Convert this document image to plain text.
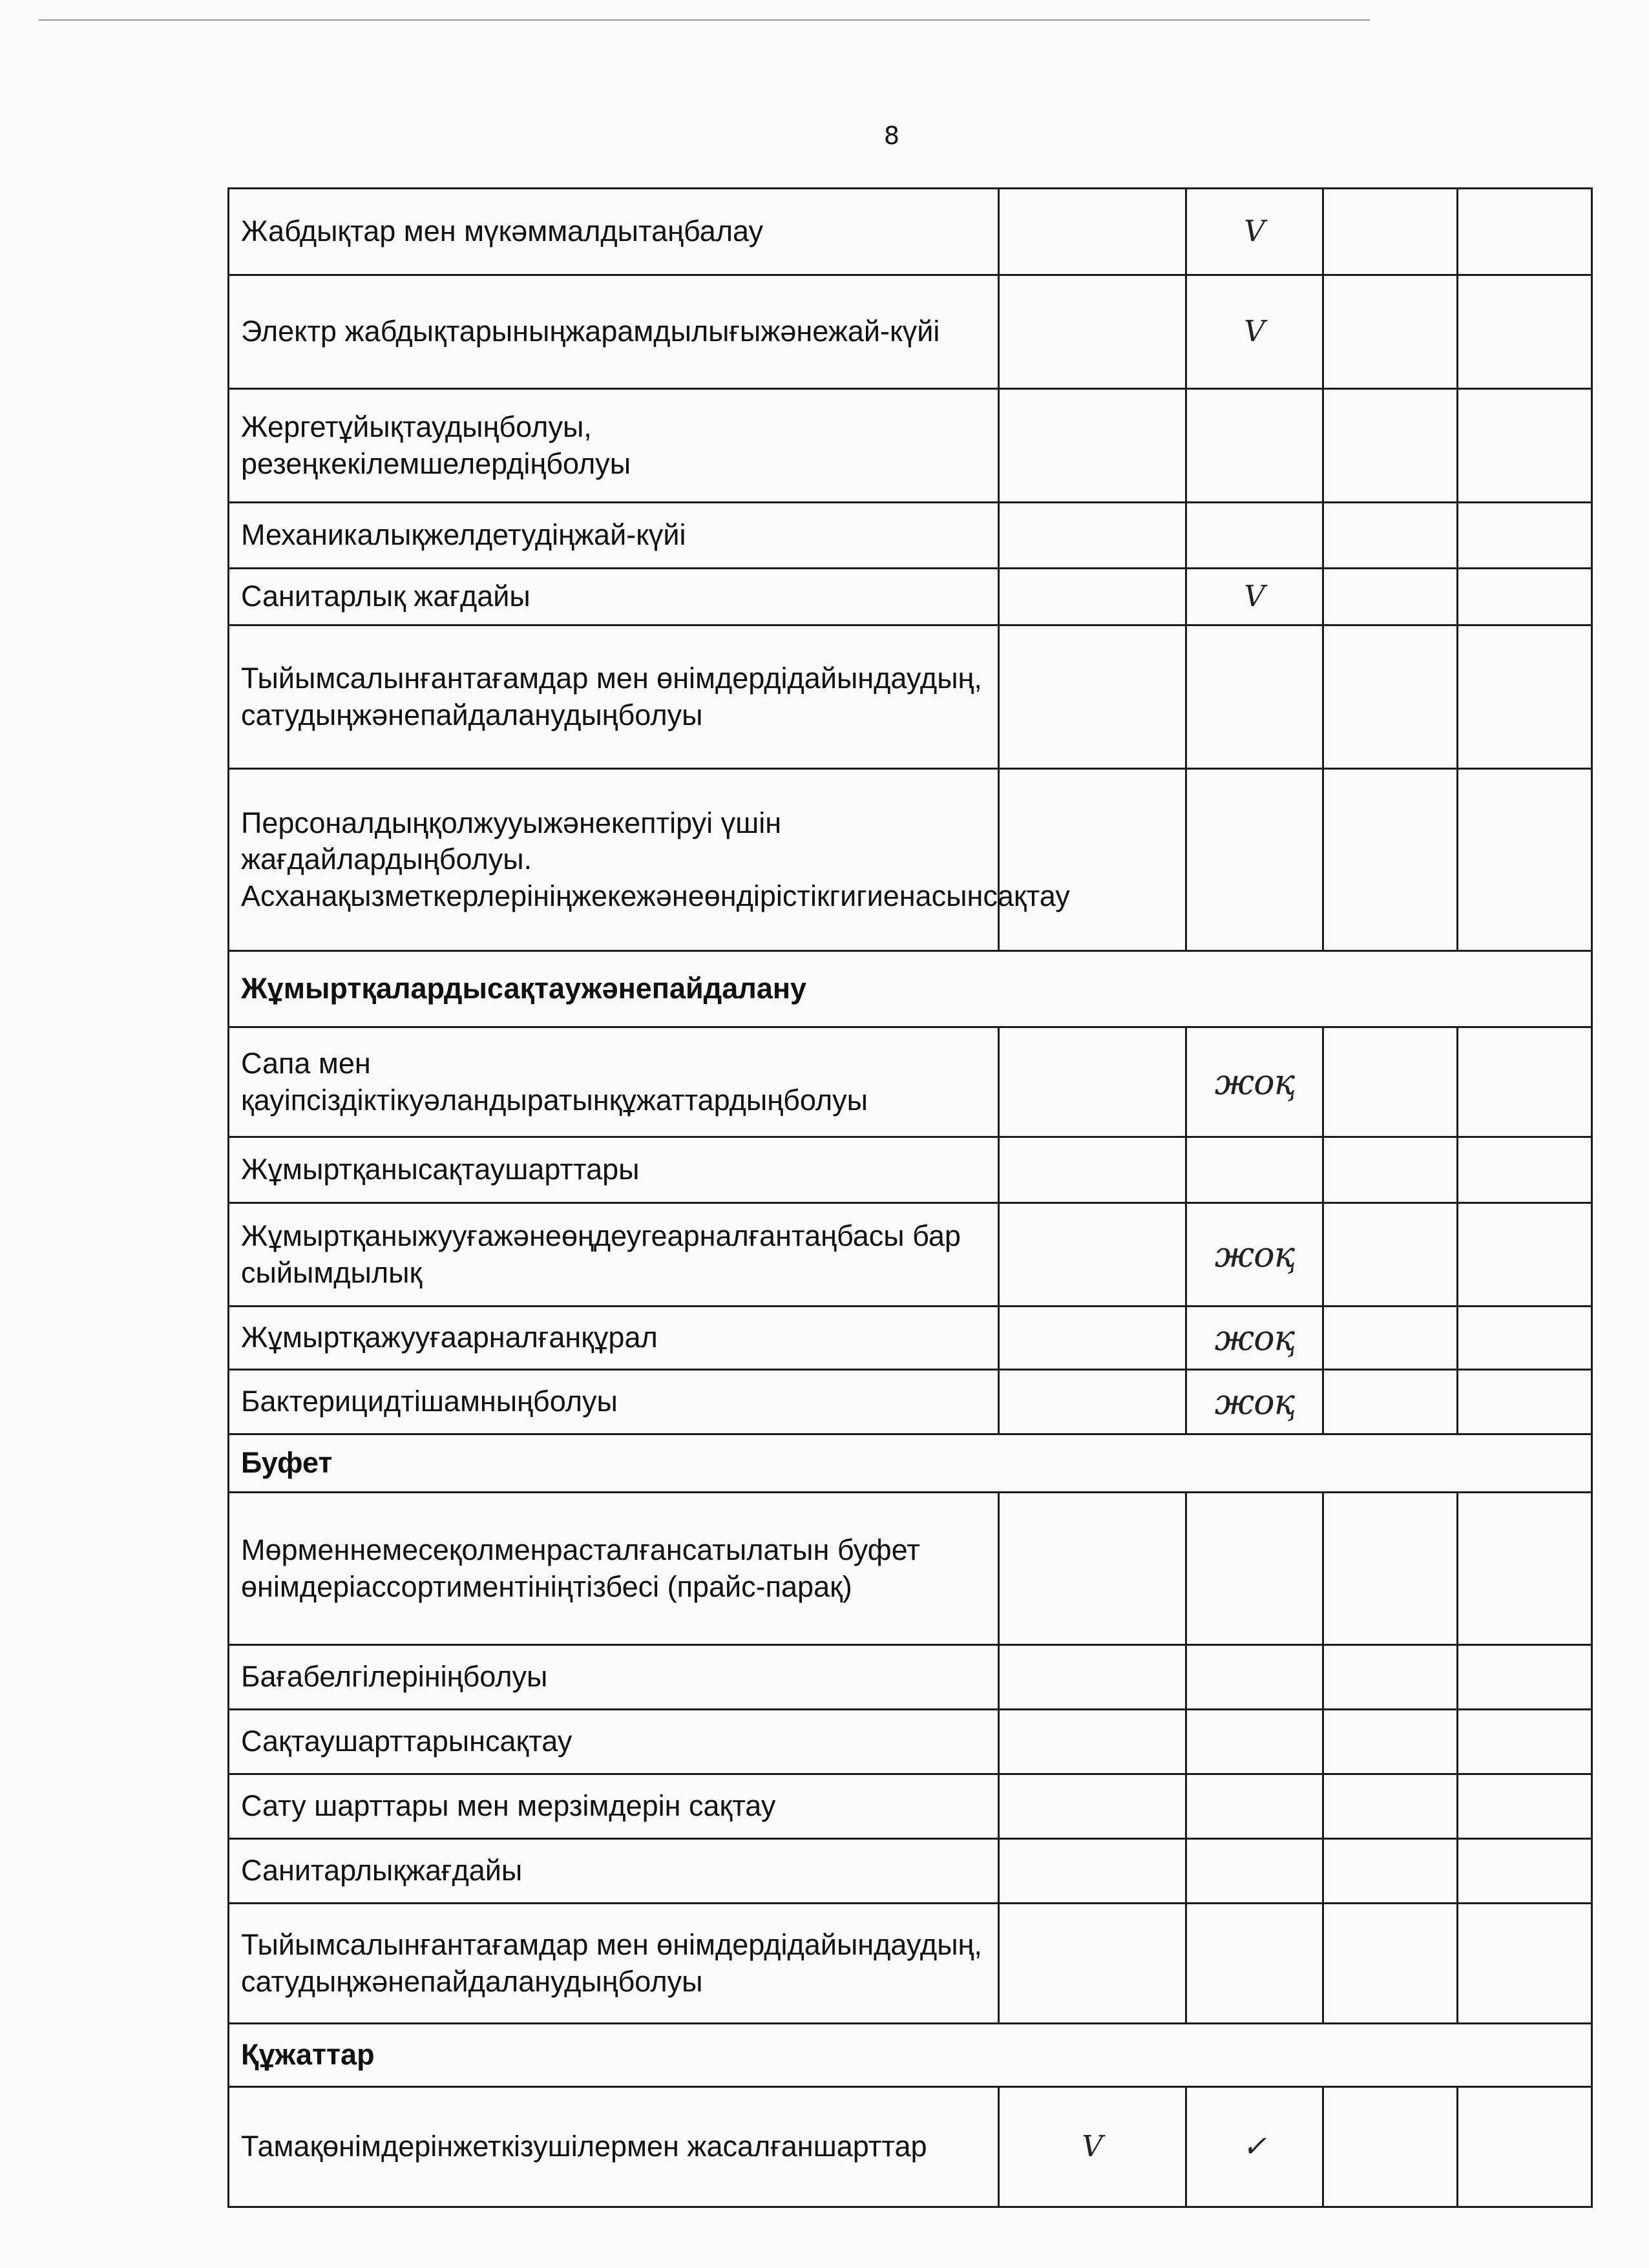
8
Жабдықтар мен мүкәммалдытаңбалау		V		
Электр жабдықтарыныңжарамдылығыжәнежай-күйі		V		
Жергетұйықтаудыңболуы, резеңкекілемшелердіңболуы				
Механикалықжелдетудіңжай-күйі				
Санитарлық жағдайы		V		
Тыйымсалынғантағамдар мен өнімдердідайындаудың, сатудыңжәнепайдаланудыңболуы				
Персоналдыңқолжууыжәнекептіруі үшін жағдайлардыңболуы. Асханақызметкерлерініңжекежәнеөндірістікгигиенасынсақтау				
Жұмыртқалардысақтаужәнепайдалану				
Сапа мен қауіпсіздіктікуәландыратынқұжаттардыңболуы		жоқ		
Жұмыртқанысақтаушарттары				
Жұмыртқаныжууғажәнеөңдеугеарналғантаңбасы бар сыйымдылық		жоқ		
Жұмыртқажууғаарналғанқұрал		жоқ		
Бактерицидтішамныңболуы		жоқ		
Буфет				
Мөрменнемесеқолменрасталғансатылатын буфет өнімдеріассортиментініңтізбесі (прайс-парақ)				
Бағабелгілерініңболуы				
Сақтаушарттарынсақтау				
Сату шарттары мен мерзімдерін сақтау				
Санитарлықжағдайы				
Тыйымсалынғантағамдар мен өнімдердідайындаудың, сатудыңжәнепайдаланудыңболуы				
Құжаттар				
Тамақөнімдерінжеткізушілермен жасалғаншарттар	V	✓		
